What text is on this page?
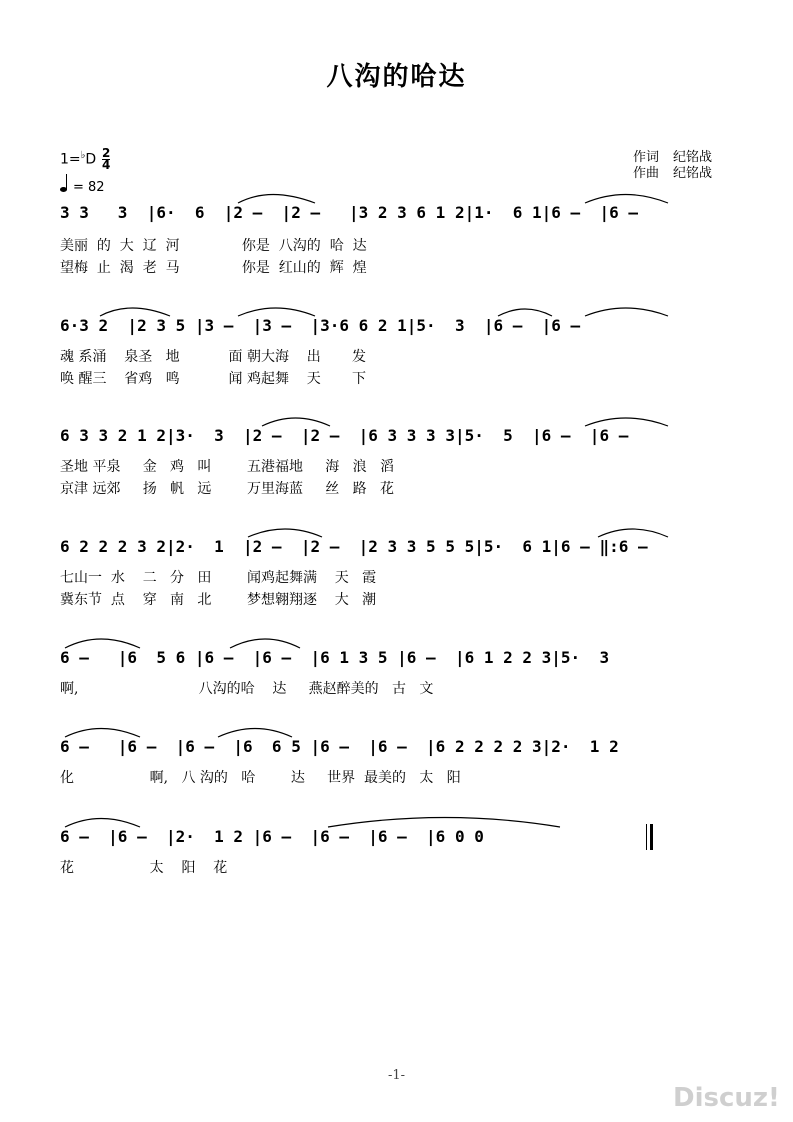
八沟的哈达
作词 纪铭战
作曲 纪铭战
$1=^♭D \frac{2}{4}$
= 82
3 3   3  |6·  6  |2 –  |2 –   |3 2 3 6 1 2|1·  6 1|6 –  |6 –
美丽  的  大  辽  河              你是  八沟的  哈  达
望梅  止  渴  老  马              你是  红山的  辉  煌
6·3 2  |2 3 5 |3 –  |3 –  |3·6 6 2 1|5·  3  |6 –  |6 –
魂 系涌    泉圣   地           面 朝大海    出       发
唤 醒三    省鸡   鸣           闻 鸡起舞    天       下
6 3 3 2 1 2|3·  3  |2 –  |2 –  |6 3 3 3 3|5·  5  |6 –  |6 –
圣地 平泉     金   鸡   叫        五港福地     海   浪   滔
京津 远郊     扬   帆   远        万里海蓝     丝   路   花
6 2 2 2 3 2|2·  1  |2 –  |2 –  |2 3 3 5 5 5|5·  6 1|6 – ‖:6 –
七山一  水    二   分   田        闻鸡起舞满    天   霞
冀东节  点    穿   南   北        梦想翱翔逐    大   潮
6 –   |6  5 6 |6 –  |6 –  |6 1 3 5 |6 –  |6 1 2 2 3|5·  3
啊,                           八沟的哈    达     燕赵醉美的   古   文
6 –   |6 –  |6 –  |6  6 5 |6 –  |6 –  |6 2 2 2 2 3|2·  1 2
化                 啊,   八 沟的   哈        达     世界  最美的   太   阳
6 –  |6 –  |2·  1 2 |6 –  |6 –  |6 –  |6 0 0
花                 太    阳    花
-1-
Discuz!
